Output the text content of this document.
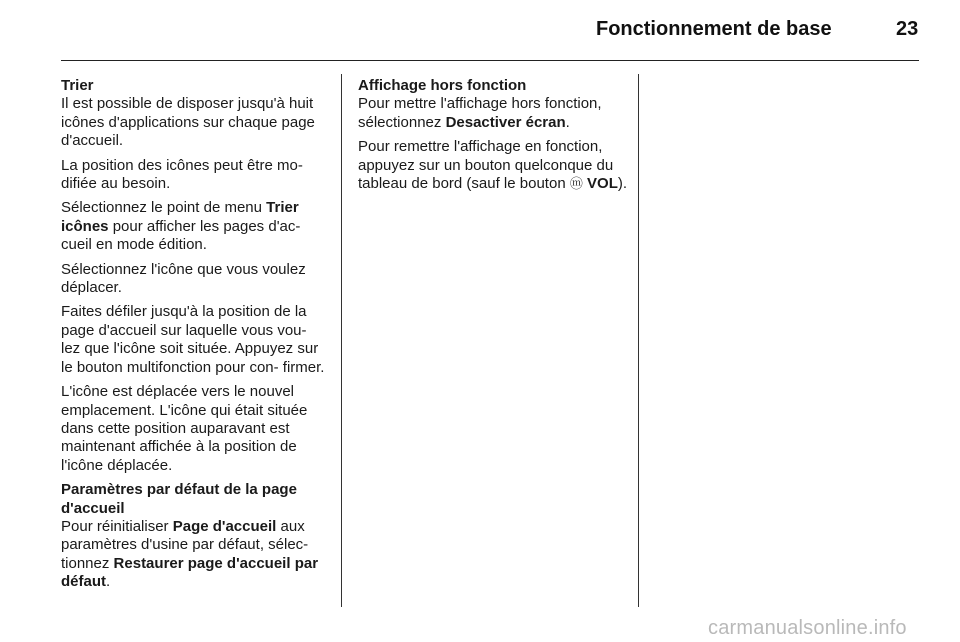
Fonctionnement de base	23

Trier
Il est possible de disposer jusqu'à huit icônes d'applications sur chaque page d'accueil.

La position des icônes peut être mo- difiée au besoin.

Sélectionnez le point de menu Trier icônes pour afficher les pages d'ac- cueil en mode édition.

Sélectionnez l'icône que vous voulez déplacer.

Faites défiler jusqu'à la position de la page d'accueil sur laquelle vous vou- lez que l'icône soit située. Appuyez sur le bouton multifonction pour con- firmer.

L'icône est déplacée vers le nouvel emplacement. L'icône qui était située dans cette position auparavant est maintenant affichée à la position de l'icône déplacée.

Paramètres par défaut de la page d'accueil
Pour réinitialiser Page d'accueil aux paramètres d'usine par défaut, sélec- tionnez Restaurer page d'accueil par défaut.

Affichage hors fonction
Pour mettre l'affichage hors fonction, sélectionnez Desactiver écran.

Pour remettre l'affichage en fonction, appuyez sur un bouton quelconque du tableau de bord (sauf le bouton ⓜ VOL).

carmanualsonline.info
